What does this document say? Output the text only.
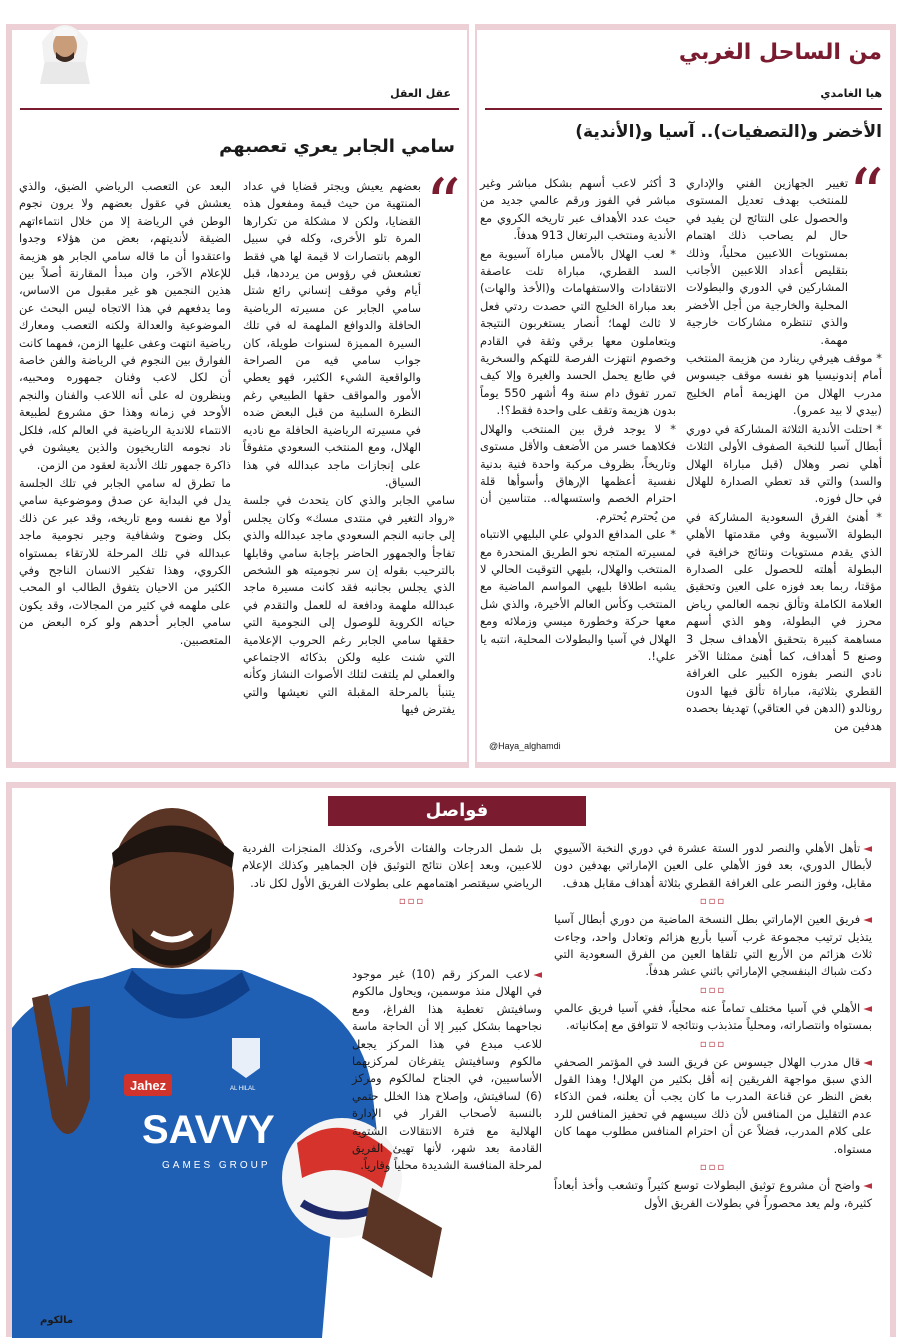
من الساحل الغربي
هيا الغامدي
الأخضر و(التصفيات).. آسيا و(الأندية)
“

تغيير الجهازين الفني والإداري للمنتخب بهدف تعديل المستوى والحصول على النتائج لن يفيد في حال لم يصاحب ذلك اهتمام بمستويات اللاعبين محلياً، وذلك بتقليص أعداد اللاعبين الأجانب المشاركين في الدوري والبطولات المحلية والخارجية من أجل الأخضر والذي تنتظره مشاركات خارجية مهمة.

* موقف هيرفي رينارد من هزيمة المنتخب أمام إندونيسيا هو نفسه موقف جيسوس مدرب الهلال من الهزيمة أمام الخليج (بيدي لا بيد عمرو).

* احتلت الأندية الثلاثة المشاركة في دوري أبطال آسيا للنخبة الصفوف الأولى الثلاث أهلي نصر وهلال (قبل مباراة الهلال والسد) والتي قد تعطي الصدارة للهلال في حال فوزه.

* أهنئ الفرق السعودية المشاركة في البطولة الآسيوية وفي مقدمتها الأهلي الذي يقدم مستويات ونتائج خرافية في البطولة أهلته للحصول على الصدارة مؤقتا، ربما بعد فوزه على العين وتحقيق العلامة الكاملة وتألق نجمه العالمي رياض محرز في البطولة، وهو الذي أسهم مساهمة كبيرة بتحقيق الأهداف سجل 3 وصنع 5 أهداف، كما أهنئ ممثلنا الآخر نادي النصر بفوزه الكبير على الغرافة القطري بثلاثية، مباراة تألق فيها الدون رونالدو (الدهن في العتاقي) تهديفا بحصده هدفين من

3 أكثر لاعب أسهم بشكل مباشر وغير مباشر في الفوز ورقم عالمي جديد من حيث عدد الأهداف عبر تاريخه الكروي مع الأندية ومنتخب البرتغال 913 هدفاً.

* لعب الهلال بالأمس مباراة آسيوية مع السد القطري، مباراة تلت عاصفة الانتقادات والاستفهامات و(الأخذ والهات) بعد مباراة الخليج التي حصدت ردتي فعل لا ثالث لهما؛ أنصار يستغربون النتيجة ويتعاملون معها برقي وثقة في القادم وخصوم انتهزت الفرصة للتهكم والسخرية في طابع يحمل الحسد والغيرة وإلا كيف تمرر تفوق دام سنة و4 أشهر 550 يوماً بدون هزيمة وتقف على واحدة فقط؟!.

* لا يوجد فرق بين المنتخب والهلال فكلاهما خسر من الأضعف والأقل مستوى وتاريخاً، بظروف مركبة واحدة فنية بدنية نفسية أعظمها الإرهاق وأسوأها قلة احترام الخصم واستسهاله.. متناسين أن من يُحترم يُحترم.

* على المدافع الدولي علي البليهي الانتباه لمسيرته المتجه نحو الطريق المنحدرة مع المنتخب والهلال، بليهي التوقيت الحالي لا يشبه اطلاقا بليهي المواسم الماضية مع المنتخب وكأس العالم الأخيرة، والذي شل معها حركة وخطورة ميسي وزملائه ومع الهلال في آسيا والبطولات المحلية، انتبه يا علي!.

@Haya_alghamdi
عقل العقل
سامي الجابر يعري تعصبهم
“

بعضهم يعيش ويجتر قضايا في عداد المنتهية من حيث قيمة ومفعول هذه القضايا، ولكن لا مشكلة من تكرارها المرة تلو الأخرى، وكله في سبيل الوهم بانتصارات لا قيمة لها هي فقط تعشعش في رؤوس من يرددها، قبل أيام وفي موقف إنساني رائع شتل سامي الجابر عن مسيرته الرياضية الحافلة والدوافع الملهمة له في تلك السيرة المميزة لسنوات طويلة، كان جواب سامي فيه من الصراحة والواقعية الشيء الكثير، فهو يعطي الأمور والمواقف حقها الطبيعي رغم النظرة السلبية من قبل البعض ضده في مسيرته الرياضية الحافلة مع ناديه الهلال، ومع المنتخب السعودي متفوقاً على إنجازات ماجد عبدالله في هذا السياق.

سامي الجابر والذي كان يتحدث في جلسة «رواد التغير في منتدى مسك» وكان يجلس إلى جانبه النجم السعودي ماجد عبدالله والذي تفاجأ والجمهور الحاضر بإجابة سامي وقابلها بالترحيب بقوله إن سر نجوميته هو الشخص الذي يجلس بجانبه فقد كانت مسيرة ماجد عبدالله ملهمة ودافعة له للعمل والتقدم في حياته الكروية للوصول إلى النجومية التي حققها سامي الجابر رغم الحروب الإعلامية التي شنت عليه ولكن بذكائه الاجتماعي والعملي لم يلتفت لتلك الأصوات النشاز وكأنه يتنبأ بالمرحلة المقبلة التي نعيشها والتي يفترض فيها

البعد عن التعصب الرياضي الضيق، والذي يعشش في عقول بعضهم ولا يرون نجوم الوطن في الرياضة إلا من خلال انتماءاتهم الضيقة لأنديتهم، بعض من هؤلاء وجدوا واعتقدوا أن ما قاله سامي الجابر هو هزيمة للإعلام الآخر، وان مبدأ المقارنة أصلاً بين هذين النجمين هو غير مقبول من الاساس، وما يدفعهم في هذا الاتجاه ليس البحث عن الموضوعية والعدالة ولكنه التعصب ومعارك رياضية انتهت وعفى عليها الزمن، فمهما كانت الفوارق بين النجوم في الرياضة والفن خاصة أن لكل لاعب وفنان جمهوره ومحبيه، وينظرون له على أنه اللاعب والفنان والنجم الأوحد في زمانه وهذا حق مشروع لطبيعة الانتماء للاندية الرياضية في العالم كله، فلكل ناد نجومه التاريخيون والذين يعيشون في ذاكرة جمهور تلك الأندية لعقود من الزمن.

ما تطرق له سامي الجابر في تلك الجلسة يدل في البداية عن صدق وموضوعية سامي أولا مع نفسه ومع تاريخه، وقد عبر عن ذلك بكل وضوح وشفافية وجير نجومية ماجد عبدالله في تلك المرحلة للارتقاء بمستواه الكروي، وهذا تفكير الانسان الناجح وفي الكثير من الاحيان يتفوق الطالب او المحب على ملهمه في كثير من المجالات، وقد يكون سامي الجابر أحدهم ولو كره البعض من المتعصبين.

فواصل
Jahez
SAVVY
GAMES GROUP
AL HILAL
مالكوم

◄تأهل الأهلي والنصر لدور الستة عشرة في دوري النخبة الآسيوي لأبطال الدوري، بعد فوز الأهلي على العين الإماراتي بهدفين دون مقابل، وفوز النصر على الغرافة القطري بثلاثة أهداف مقابل هدف.

▫▫▫

◄فريق العين الإماراتي بطل النسخة الماضية من دوري أبطال آسيا يتذيل ترتيب مجموعة غرب آسيا بأربع هزائم وتعادل واحد، وجاءت ثلاث هزائم من الأربع التي تلقاها العين من الفرق السعودية التي دكت شباك البنفسجي الإماراتي باثني عشر هدفاً.

▫▫▫

◄الأهلي في آسيا مختلف تماماً عنه محلياً، ففي آسيا فريق عالمي بمستواه وانتصاراته، ومحلياً متذبذب ونتائجه لا تتوافق مع إمكانياته.

▫▫▫

◄قال مدرب الهلال جيسوس عن فريق السد في المؤتمر الصحفي الذي سبق مواجهة الفريقين إنه أقل بكثير من الهلال! وهذا القول بغض النظر عن قناعة المدرب ما كان يجب أن يعلنه، فمن الذكاء عدم التقليل من المنافس لأن ذلك سيسهم في تحفيز المنافس للرد على كلام المدرب، فضلاً عن أن احترام المنافس مطلوب مهما كان مستواه.

▫▫▫

◄واضح أن مشروع توثيق البطولات توسع كثيراً وتشعب وأخذ أبعاداً كثيرة، ولم يعد محصوراً في بطولات الفريق الأول

بل شمل الدرجات والفئات الأخرى، وكذلك المنجزات الفردية للاعبين، وبعد إعلان نتائج التوثيق فإن الجماهير وكذلك الإعلام الرياضي سيقتصر اهتمامهم على بطولات الفريق الأول لكل ناد.

▫▫▫

◄لاعب المركز رقم (10) غير موجود في الهلال منذ موسمين، ويحاول مالكوم وسافيتش تغطية هذا الفراغ، ومع نجاحهما بشكل كبير إلا أن الحاجة ماسة للاعب مبدع في هذا المركز يجعل مالكوم وسافيتش يتفرغان لمركزيهما الأساسيين، في الجناح لمالكوم ومركز (6) لسافيتش، وإصلاح هذا الخلل حتمي بالنسبة لأصحاب القرار في الإدارة الهلالية مع فترة الانتقالات الشتوية القادمة بعد شهر، لأنها تهيئ الفريق لمرحلة المنافسة الشديدة محلياً وقارياً.
